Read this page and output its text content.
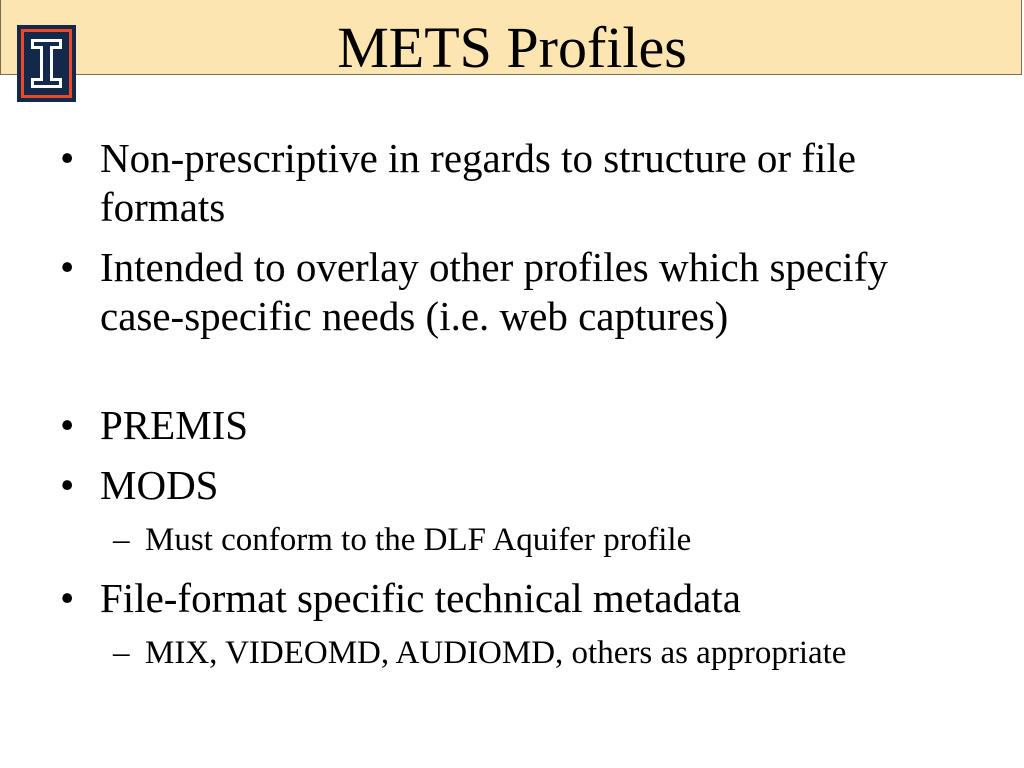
METS Profiles
• Non-prescriptive in regards to structure or file formats
• Intended to overlay other profiles which specify case-specific needs (i.e. web captures)
• PREMIS
• MODS
– Must conform to the DLF Aquifer profile
• File-format specific technical metadata
– MIX, VIDEOMD, AUDIOMD, others as appropriate
